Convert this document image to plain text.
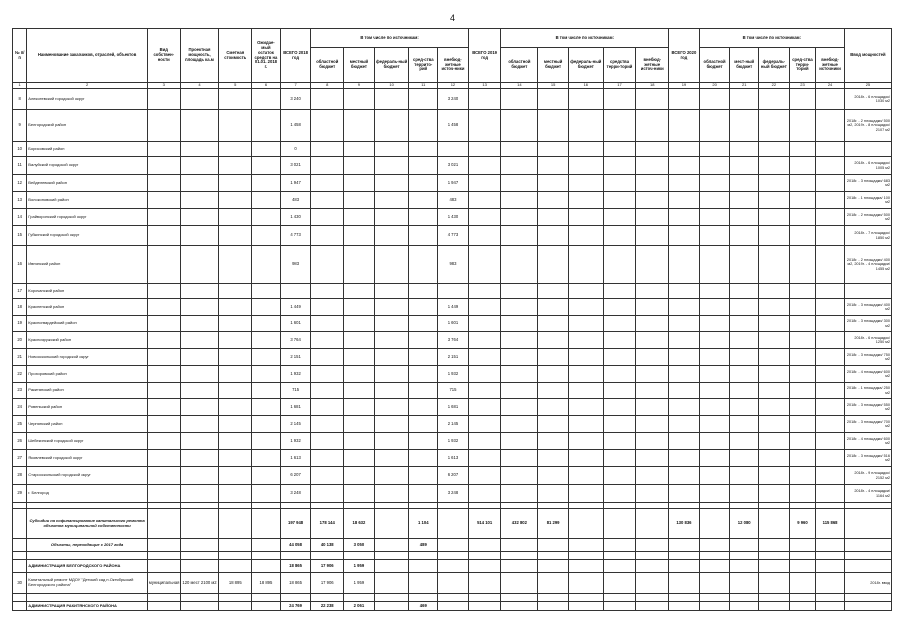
4
№ п/п	Наименование заказчиков, отраслей, объектов	Вид собствен-ности	Проектная мощность, площадь ка.м	Сметная стоимость	Ожидае-мый остаток средств на 01.01. 2018 г.	ВСЕГО 2018 год	В том числе по источникам:					ВСЕГО 2019 год	В том числе по источникам:					ВСЕГО 2020 год	В том числе по источникам:					Ввод мощностей
							областной бюджет	местный бюджет	федераль-ный бюджет	сред-ства террито-рий	внебюд-жетные источ-ники		областной бюджет	местный бюджет	федераль-ный бюджет	средства терри-торий	внебюд-жетные источ-ники		областной бюджет	мест-ный бюджет	федераль-ный бюджет	сред-ства терри-торий	внебюд-жетные источники	
1	2	3	4	5	6	7	8	9	10	11	12	13	14	15	16	17	18	19	20	21	22	23	24	25
8	Алексеевский городской округ					3 240					3 240													2018г. - 6 площадок/ 1030 м2
9	Белгородский район					1 458					1 458													2018г. - 2 площадки/ 500 м2, 2019г. - 8 площадок/ 2107 м2
10	Борисовский район					0																		
11	Валуйский городской округ					3 021					3 021													2018г. - 6 площадок/ 1005 м2
12	Вейделевский район					1 947					1 947													2018г. - 3 площадки/ 683 м2
13	Волоконовский район					483					483													2018г. - 1 площадка/ 100 м2
14	Грайворонский городской округ					1 430					1 430													2018г. - 2 площадки/ 500 м2
15	Губкинский городской округ					4 773					4 773													2018г. - 7 площадок/ 1850 м2
16	Ивнянский район					983					983													2018г. - 2 площадки/ 400 м2, 2019г. - 4 площадки/ 1455 м2
17	Корочанский район																							
18	Красненский район					1 449					1 449													2018г. - 3 площадки/ 400 м2
19	Красногвардейский район					1 601					1 601													2018г. - 3 площадки/ 300 м2
20	Краснояружский район					3 764					3 764													2018г. - 6 площадок/ 1250 м2
21	Новооскольский городской округ					2 151					2 151													2018г. - 3 площадки/ 750 м2
22	Прохоровский район					1 932					1 932													2018г. - 4 площадки/ 600 м2
23	Ракитянский район					715					715													2018г. - 1 площадка/ 250 м2
24	Ровеньский район					1 681					1 681													2018г. - 3 площадки/ 550 м2
25	Чернянский район					2 145					2 145													2018г. - 3 площадки/ 700 м2
26	Шебекинский городской округ					1 932					1 932													2018г. - 4 площадки/ 600 м2
27	Яковлевский городской округ					1 613					1 613													2018г. - 3 площадки/ 516 м2
28	Старооскольский городской округ					6 207					6 207													2018г. - 9 площадок/ 2152 м2
29	г. Белгород					3 248					3 248													2018г. - 4 площадки/ 1164 м2

	Субсидии на софинансирование капитального ремонта объектов муниципальной собственности					197 948	178 144	18 632		1 104		514 101	432 802	81 299				130 836		12 080		9 960	115 868	
	Объекты, переходящие с 2017 года					44 058	40 138	3 050		489														

	АДМИНИСТРАЦИЯ БЕЛГОРОДСКОГО РАЙОНА					18 865	17 906	1 959																
30	Капитальный ремонт МДОУ "Детский сад п.Октябрьский Белгородского района"	муниципальная	120 мест 2100 м2	18 895	18 895	18 865	17 906	1 959																2018г. ввод

	АДМИНИСТРАЦИЯ РАКИТЯНСКОГО РАЙОНА					24 769	22 238	2 061		469														
